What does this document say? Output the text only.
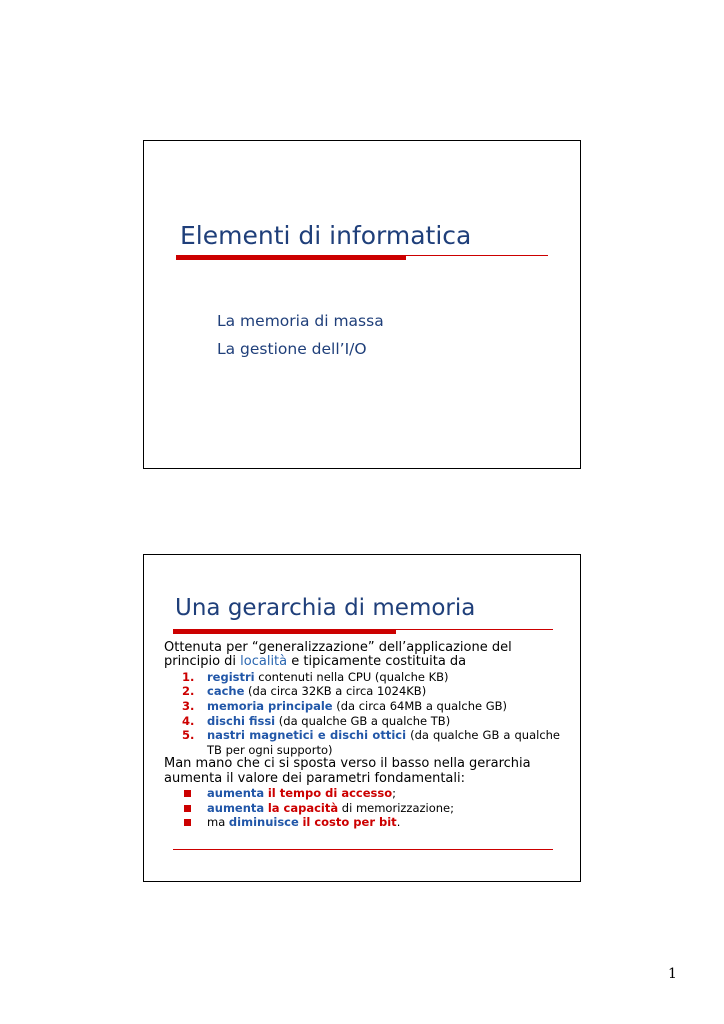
Elementi di informatica
La memoria di massa
La gestione dell’I/O
Una gerarchia di memoria

Ottenuta per “generalizzazione” dell’applicazione del principio di località e tipicamente costituita da

1. registri contenuti nella CPU (qualche KB)
2. cache (da circa 32KB a circa 1024KB)
3. memoria principale (da circa 64MB a qualche GB)
4. dischi fissi (da qualche GB a qualche TB)
5. nastri magnetici e dischi ottici (da qualche GB a qualche TB per ogni supporto)

Man mano che ci si sposta verso il basso nella gerarchia aumenta il valore dei parametri fondamentali:

aumenta il tempo di accesso;
aumenta la capacità di memorizzazione;
ma diminuisce il costo per bit.
1
